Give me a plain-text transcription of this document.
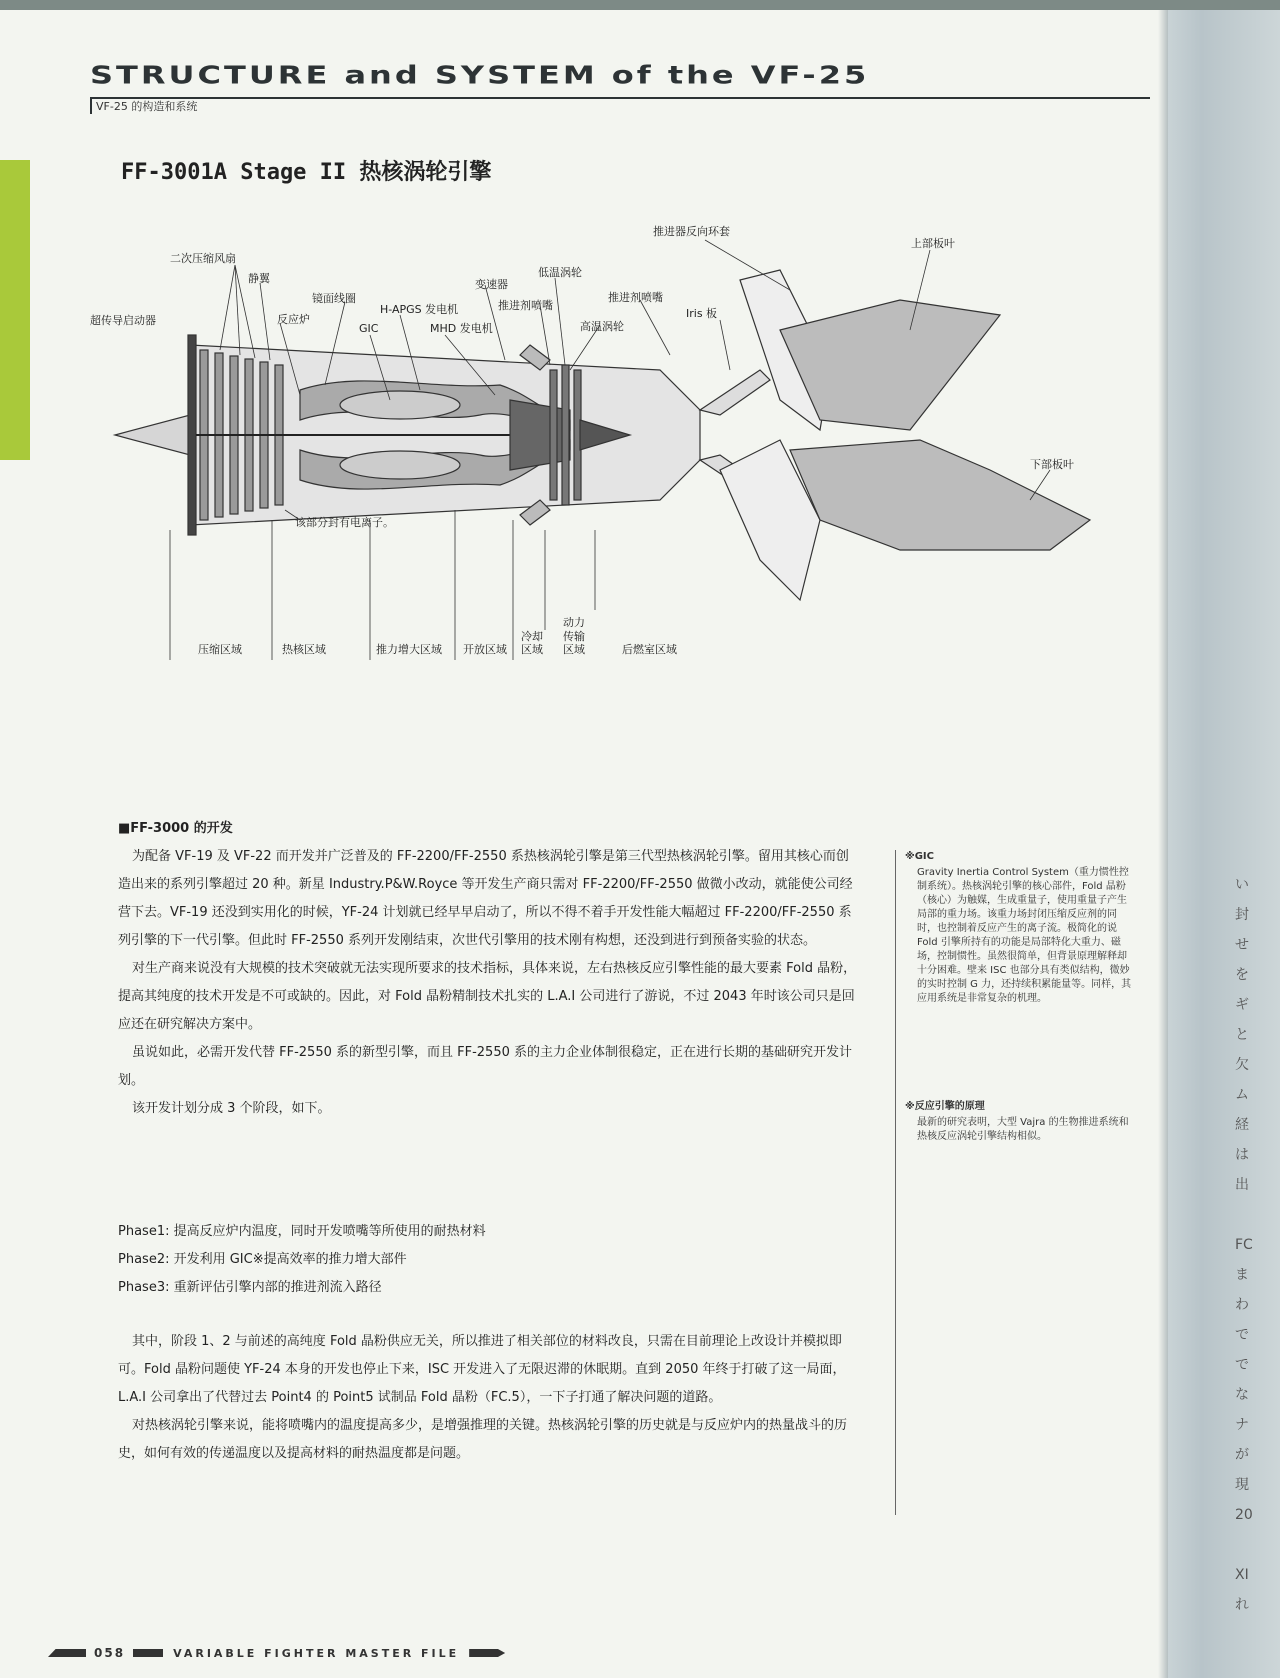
STRUCTURE and SYSTEM of the VF-25
VF-25 的构造和系统
FF-3001A Stage II 热核涡轮引擎
二次压缩风扇
静翼
镜面线圈
反应炉
超传导启动器
H-APGS 发电机
GIC	MHD 发电机
变速器
推进剂喷嘴
低温涡轮
高温涡轮
推进剂喷嘴
Iris 板
推进器反向环套
上部板叶
下部板叶
该部分封有电离子。
压缩区域	热核区域	推力增大区域 开放区域
冷却
区域
动力
传输
区域	后燃室区域

■FF-3000 的开发

为配备 VF-19 及 VF-22 而开发并广泛普及的 FF-2200/FF-2550 系热核涡轮引擎是第三代型热核涡轮引擎。留用其核心而创造出来的系列引擎超过 20 种。新星 Industry.P&W.Royce 等开发生产商只需对 FF-2200/FF-2550 做微小改动，就能使公司经营下去。VF-19 还没到实用化的时候，YF-24 计划就已经早早启动了，所以不得不着手开发性能大幅超过 FF-2200/FF-2550 系列引擎的下一代引擎。但此时 FF-2550 系列开发刚结束，次世代引擎用的技术刚有构想，还没到进行到预备实验的状态。

对生产商来说没有大规模的技术突破就无法实现所要求的技术指标，具体来说，左右热核反应引擎性能的最大要素 Fold 晶粉，提高其纯度的技术开发是不可或缺的。因此，对 Fold 晶粉精制技术扎实的 L.A.I 公司进行了游说，不过 2043 年时该公司只是回应还在研究解决方案中。

虽说如此，必需开发代替 FF-2550 系的新型引擎，而且 FF-2550 系的主力企业体制很稳定，正在进行长期的基础研究开发计划。

该开发计划分成 3 个阶段，如下。

Phase1: 提高反应炉内温度，同时开发喷嘴等所使用的耐热材料
Phase2: 开发利用 GIC※提高效率的推力增大部件
Phase3: 重新评估引擎内部的推进剂流入路径

其中，阶段 1、2 与前述的高纯度 Fold 晶粉供应无关，所以推进了相关部位的材料改良，只需在目前理论上改设计并模拟即可。Fold 晶粉问题使 YF-24 本身的开发也停止下来，ISC 开发进入了无限迟滞的休眠期。直到 2050 年终于打破了这一局面，L.A.I 公司拿出了代替过去 Point4 的 Point5 试制品 Fold 晶粉（FC.5），一下子打通了解决问题的道路。

对热核涡轮引擎来说，能将喷嘴内的温度提高多少，是增强推理的关键。热核涡轮引擎的历史就是与反应炉内的热量战斗的历史，如何有效的传递温度以及提高材料的耐热温度都是问题。

※GIC
Gravity Inertia Control System（重力惯性控制系统）。热核涡轮引擎的核心部件，Fold 晶粉（核心）为触媒，生成重量子，使用重量子产生局部的重力场。该重力场封闭压缩反应剂的同时，也控制着反应产生的离子流。极简化的说 Fold 引擎所持有的功能是局部特化大重力、磁场，控制惯性。虽然很简单，但背景原理解释却十分困难。壁来 ISC 也部分具有类似结构，微妙的实时控制 G 力，还持续积累能量等。同样，其应用系统是非常复杂的机理。
※反应引擎的原理
最新的研究表明，大型 Vajra 的生物推进系统和热核反应涡轮引擎结构相似。
い
封
せ
を
ギ
と
欠
ム
経
は
出

FC
ま
わ
で
で
な
ナ
が
現
20

XI
れ
058	VARIABLE FIGHTER MASTER FILE
